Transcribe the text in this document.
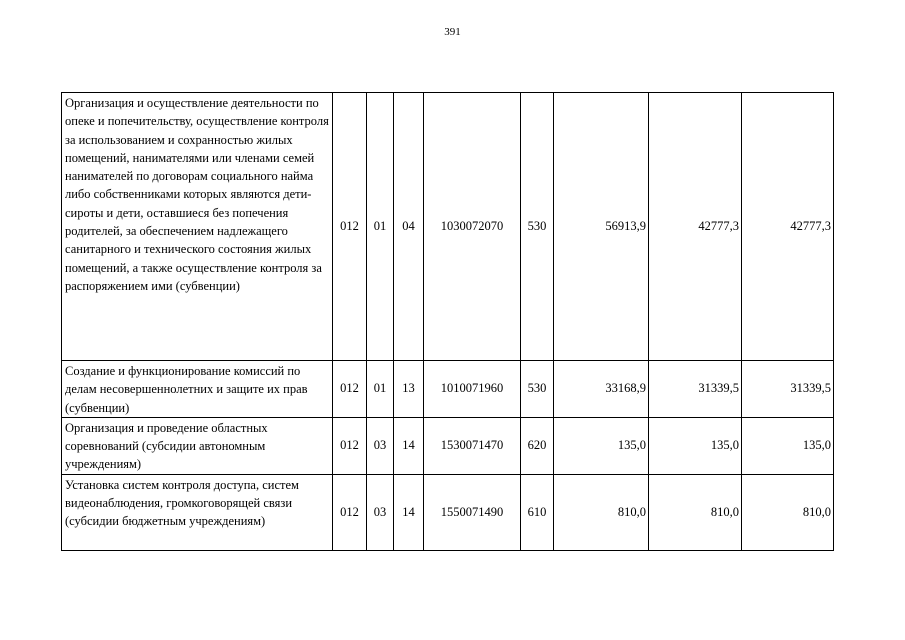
391
Организация и осуществление деятельности по опеке и попечительству, осуществление контроля за использованием и сохранностью жилых помещений, нанимателями или членами семей нанимателей по договорам социального найма либо собственниками которых являются дети-сироты и дети, оставшиеся без попечения родителей, за обеспечением надлежащего санитарного и технического состояния жилых помещений, а также осуществление контроля за распоряжением ими (субвенции)	012	01	04	1030072070	530	56913,9	42777,3	42777,3
Создание и функционирование комиссий по делам несовершеннолетних и защите их прав (субвенции)	012	01	13	1010071960	530	33168,9	31339,5	31339,5
Организация и проведение областных соревнований (субсидии автономным учреждениям)	012	03	14	1530071470	620	135,0	135,0	135,0
Установка систем контроля доступа, систем видеонаблюдения, громкоговорящей связи (субсидии бюджетным учреждениям)	012	03	14	1550071490	610	810,0	810,0	810,0
